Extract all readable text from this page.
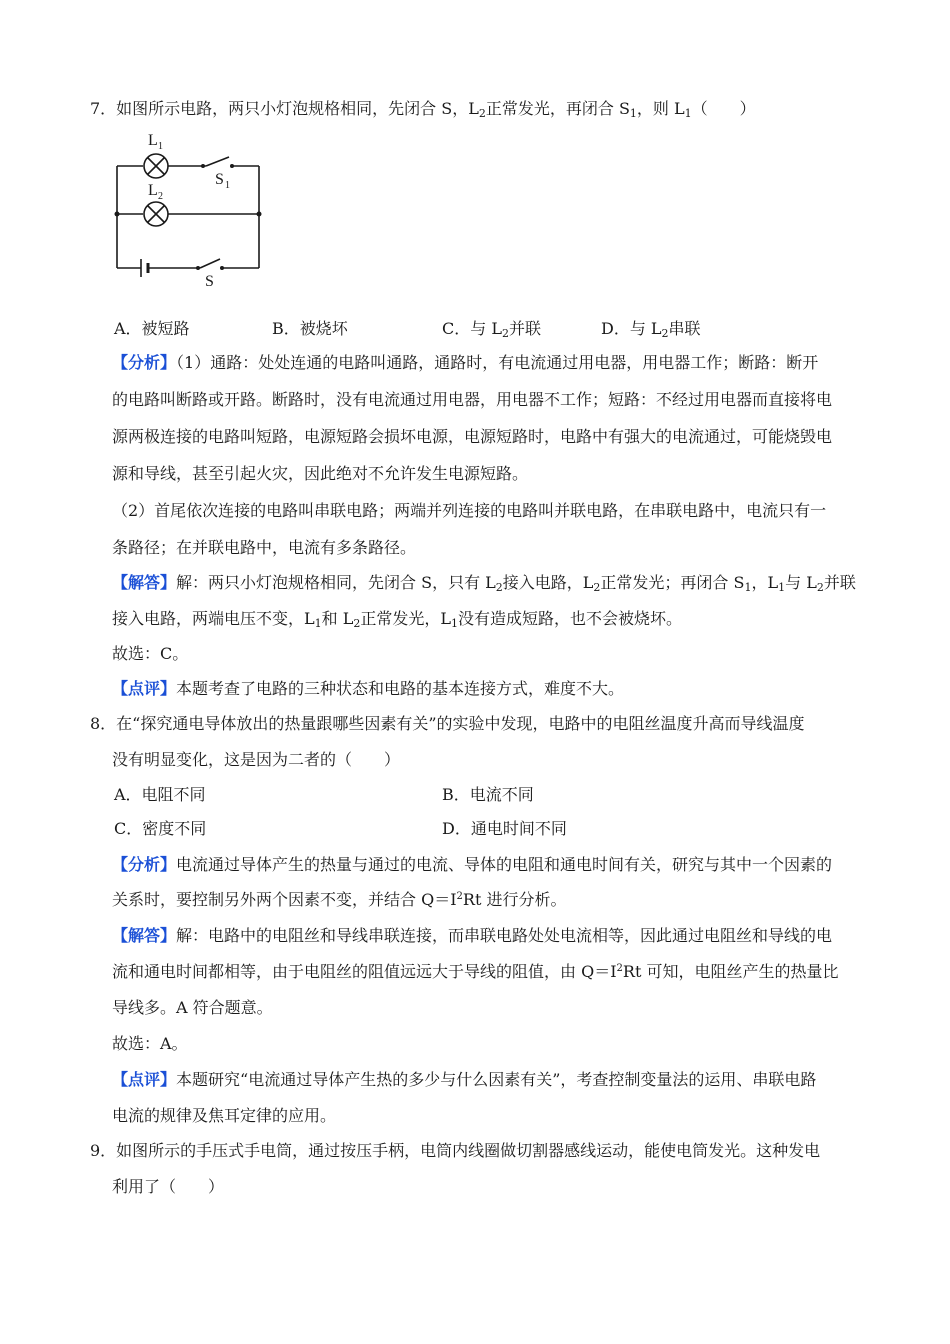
7．如图所示电路，两只小灯泡规格相同，先闭合 S，L2正常发光，再闭合 S1，则 L1（　　）
L 1
L 2
S 1
S
A．被短路	B．被烧坏	C．与 L2并联	D．与 L2串联
【分析】（1）通路：处处连通的电路叫通路，通路时，有电流通过用电器，用电器工作；断路：断开
的电路叫断路或开路。断路时，没有电流通过用电器，用电器不工作；短路：不经过用电器而直接将电
源两极连接的电路叫短路，电源短路会损坏电源，电源短路时，电路中有强大的电流通过，可能烧毁电
源和导线，甚至引起火灾，因此绝对不允许发生电源短路。
（2）首尾依次连接的电路叫串联电路；两端并列连接的电路叫并联电路，在串联电路中，电流只有一
条路径；在并联电路中，电流有多条路径。
【解答】解：两只小灯泡规格相同，先闭合 S，只有 L2接入电路，L2正常发光；再闭合 S1，L1与 L2并联
接入电路，两端电压不变，L1和 L2正常发光，L1没有造成短路，也不会被烧坏。
故选：C。
【点评】本题考查了电路的三种状态和电路的基本连接方式，难度不大。
8．在“探究通电导体放出的热量跟哪些因素有关”的实验中发现，电路中的电阻丝温度升高而导线温度
没有明显变化，这是因为二者的（　　）
A．电阻不同	B．电流不同
C．密度不同	D．通电时间不同
【分析】电流通过导体产生的热量与通过的电流、导体的电阻和通电时间有关，研究与其中一个因素的
关系时，要控制另外两个因素不变，并结合 $Q=I^2Rt$ 进行分析。
【解答】解：电路中的电阻丝和导线串联连接，而串联电路处处电流相等，因此通过电阻丝和导线的电
流和通电时间都相等，由于电阻丝的阻值远远大于导线的阻值，由 $Q=I^2Rt$ 可知，电阻丝产生的热量比
导线多。A 符合题意。
故选：A。
【点评】本题研究“电流通过导体产生热的多少与什么因素有关”，考查控制变量法的运用、串联电路
电流的规律及焦耳定律的应用。
9．如图所示的手压式手电筒，通过按压手柄，电筒内线圈做切割器感线运动，能使电筒发光。这种发电
利用了（　　）
